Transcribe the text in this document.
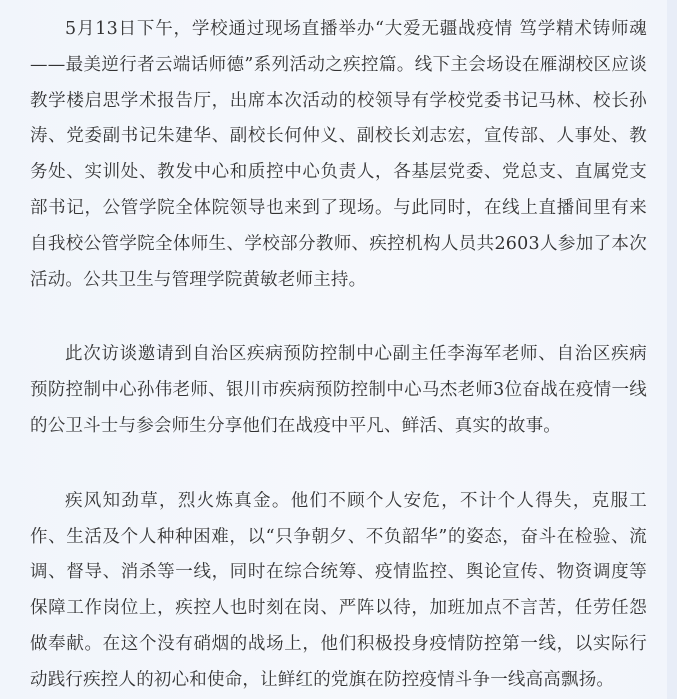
5月13日下午，学校通过现场直播举办“大爱无疆战疫情 笃学精术铸师魂——最美逆行者云端话师德”系列活动之疾控篇。线下主会场设在雁湖校区应谈教学楼启思学术报告厅，出席本次活动的校领导有学校党委书记马林、校长孙涛、党委副书记朱建华、副校长何仲义、副校长刘志宏，宣传部、人事处、教务处、实训处、教发中心和质控中心负责人，各基层党委、党总支、直属党支部书记，公管学院全体院领导也来到了现场。与此同时，在线上直播间里有来自我校公管学院全体师生、学校部分教师、疾控机构人员共2603人参加了本次活动。公共卫生与管理学院黄敏老师主持。

此次访谈邀请到自治区疾病预防控制中心副主任李海军老师、自治区疾病预防控制中心孙伟老师、银川市疾病预防控制中心马杰老师3位奋战在疫情一线的公卫斗士与参会师生分享他们在战疫中平凡、鲜活、真实的故事。

疾风知劲草，烈火炼真金。他们不顾个人安危，不计个人得失，克服工作、生活及个人种种困难，以“只争朝夕、不负韶华”的姿态，奋斗在检验、流调、督导、消杀等一线，同时在综合统筹、疫情监控、舆论宣传、物资调度等保障工作岗位上，疾控人也时刻在岗、严阵以待，加班加点不言苦，任劳任怨做奉献。在这个没有硝烟的战场上，他们积极投身疫情防控第一线，以实际行动践行疾控人的初心和使命，让鲜红的党旗在防控疫情斗争一线高高飘扬。
